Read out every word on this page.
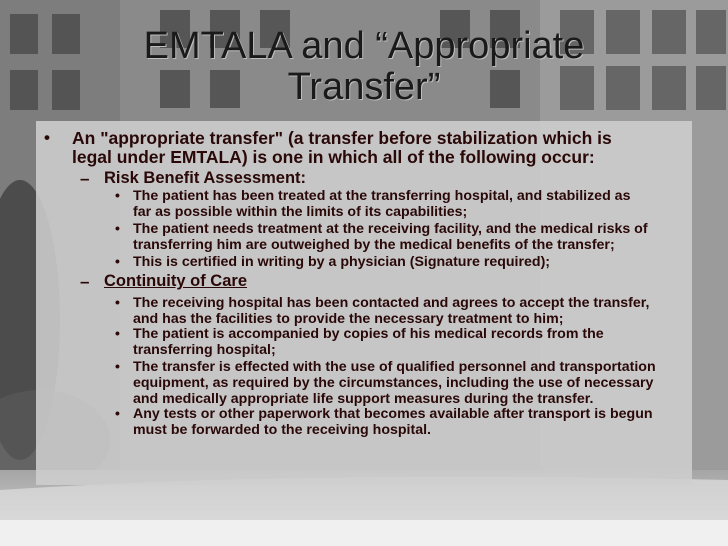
EMTALA and “Appropriate
Transfer”
• An "appropriate transfer" (a transfer before stabilization which is
legal under EMTALA) is one in which all of the following occur:
– Risk Benefit Assessment:
• The patient has been treated at the transferring hospital, and stabilized as
far as possible within the limits of its capabilities;
• The patient needs treatment at the receiving facility, and the medical risks of
transferring him are outweighed by the medical benefits of the transfer;
• This is certified in writing by a physician (Signature required);
– Continuity of Care
• The receiving hospital has been contacted and agrees to accept the transfer,
and has the facilities to provide the necessary treatment to him;
• The patient is accompanied by copies of his medical records from the
transferring hospital;
• The transfer is effected with the use of qualified personnel and transportation
equipment, as required by the circumstances, including the use of necessary
and medically appropriate life support measures during the transfer.
• Any tests or other paperwork that becomes available after transport is begun
must be forwarded to the receiving hospital.
